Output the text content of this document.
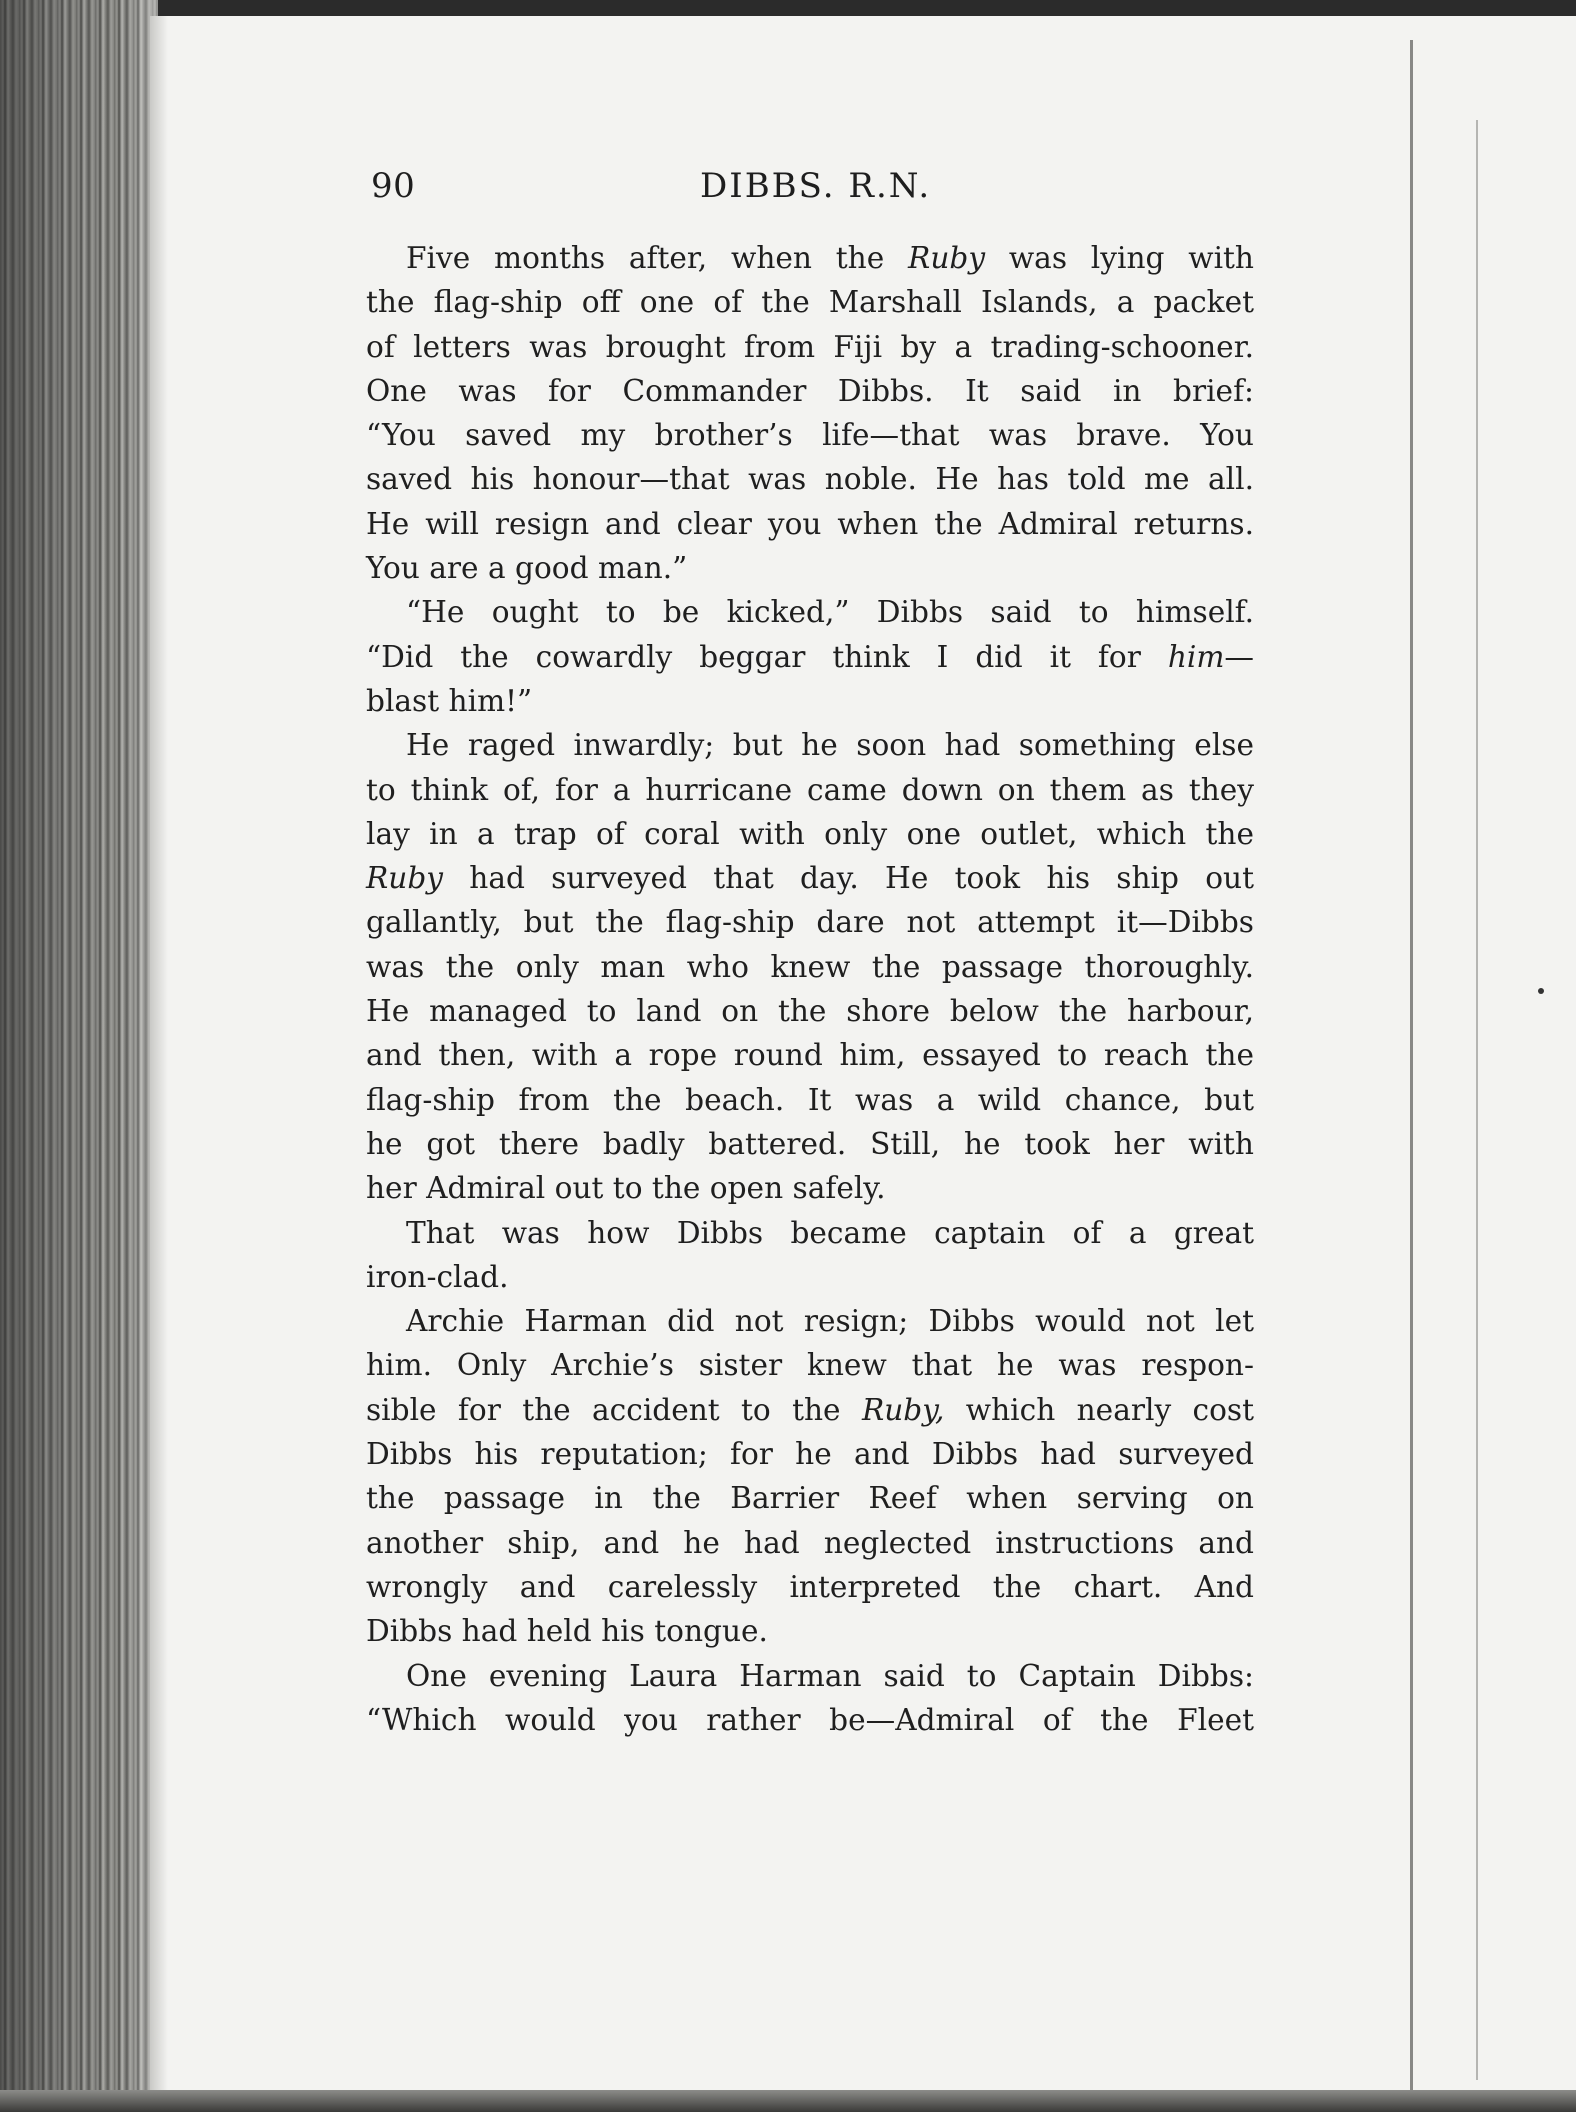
90	DIBBS. R.N.
Five months after, when the Ruby was lying with
the flag-ship off one of the Marshall Islands, a packet
of letters was brought from Fiji by a trading-schooner.
One was for Commander Dibbs. It said in brief:
“You saved my brother’s life—that was brave. You
saved his honour—that was noble. He has told me all.
He will resign and clear you when the Admiral returns.
You are a good man.”
“He ought to be kicked,” Dibbs said to himself.
“Did the cowardly beggar think I did it for him—
blast him!”
He raged inwardly; but he soon had something else
to think of, for a hurricane came down on them as they
lay in a trap of coral with only one outlet, which the
Ruby had surveyed that day. He took his ship out
gallantly, but the flag-ship dare not attempt it—Dibbs
was the only man who knew the passage thoroughly.
He managed to land on the shore below the harbour,
and then, with a rope round him, essayed to reach the
flag-ship from the beach. It was a wild chance, but
he got there badly battered. Still, he took her with
her Admiral out to the open safely.
That was how Dibbs became captain of a great
iron-clad.
Archie Harman did not resign; Dibbs would not let
him. Only Archie’s sister knew that he was respon-
sible for the accident to the Ruby, which nearly cost
Dibbs his reputation; for he and Dibbs had surveyed
the passage in the Barrier Reef when serving on
another ship, and he had neglected instructions and
wrongly and carelessly interpreted the chart. And
Dibbs had held his tongue.
One evening Laura Harman said to Captain Dibbs:
“Which would you rather be—Admiral of the Fleet
